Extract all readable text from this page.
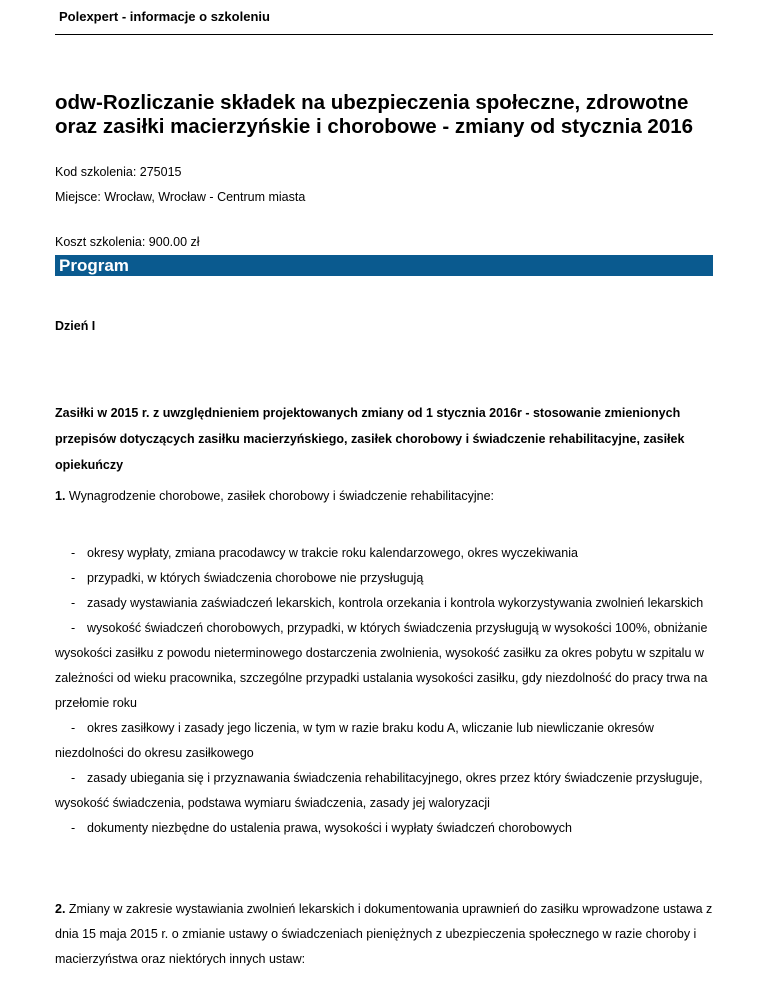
Polexpert - informacje o szkoleniu
odw-Rozliczanie składek na ubezpieczenia społeczne, zdrowotne oraz zasiłki macierzyńskie i chorobowe - zmiany od stycznia 2016
Kod szkolenia: 275015
Miejsce: Wrocław, Wrocław - Centrum miasta
Koszt szkolenia: 900.00 zł
Program
Dzień I
Zasiłki w 2015 r. z uwzględnieniem projektowanych zmiany od 1 stycznia 2016r - stosowanie zmienionych przepisów dotyczących zasiłku macierzyńskiego, zasiłek chorobowy i świadczenie rehabilitacyjne, zasiłek opiekuńczy
1. Wynagrodzenie chorobowe, zasiłek chorobowy i świadczenie rehabilitacyjne:
- okresy wypłaty, zmiana pracodawcy w trakcie roku kalendarzowego, okres wyczekiwania
- przypadki, w których świadczenia chorobowe nie przysługują
- zasady wystawiania zaświadczeń lekarskich, kontrola orzekania i kontrola wykorzystywania zwolnień lekarskich
- wysokość świadczeń chorobowych, przypadki, w których świadczenia przysługują w wysokości 100%, obniżanie wysokości zasiłku z powodu nieterminowego dostarczenia zwolnienia, wysokość zasiłku za okres pobytu w szpitalu w zależności od wieku pracownika, szczególne przypadki ustalania wysokości zasiłku, gdy niezdolność do pracy trwa na przełomie roku
- okres zasiłkowy i zasady jego liczenia, w tym w razie braku kodu A, wliczanie lub niewliczanie okresów niezdolności do okresu zasiłkowego
- zasady ubiegania się i przyznawania świadczenia rehabilitacyjnego, okres przez który świadczenie przysługuje, wysokość świadczenia, podstawa wymiaru świadczenia, zasady jej waloryzacji
- dokumenty niezbędne do ustalenia prawa, wysokości i wypłaty świadczeń chorobowych
2. Zmiany w zakresie wystawiania zwolnień lekarskich i dokumentowania uprawnień do zasiłku wprowadzone ustawa z dnia 15 maja 2015 r. o zmianie ustawy o świadczeniach pieniężnych z ubezpieczenia społecznego w razie choroby i macierzyństwa oraz niektórych innych ustaw:
